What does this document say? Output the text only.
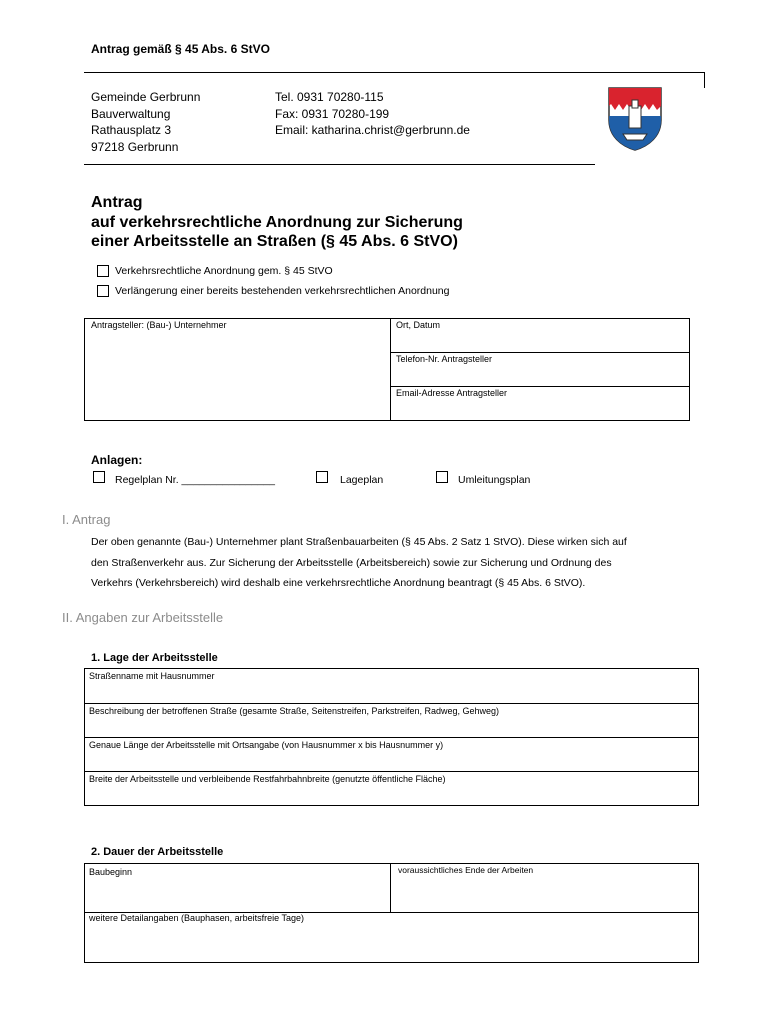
Antrag gemäß § 45 Abs. 6 StVO
Gemeinde Gerbrunn
Bauverwaltung
Rathausplatz 3
97218 Gerbrunn
Tel. 0931 70280-115
Fax: 0931 70280-199
Email: katharina.christ@gerbrunn.de
Antrag
auf verkehrsrechtliche Anordnung zur Sicherung
einer Arbeitsstelle an Straßen (§ 45 Abs. 6 StVO)
Verkehrsrechtliche Anordnung gem. § 45 StVO
Verlängerung einer bereits bestehenden verkehrsrechtlichen Anordnung
Antragsteller: (Bau-) Unternehmer	Ort, Datum
Telefon-Nr. Antragsteller
Email-Adresse Antragsteller
Anlagen:
Regelplan Nr. ________________	Lageplan	Umleitungsplan
I. Antrag
Der oben genannte (Bau-) Unternehmer plant Straßenbauarbeiten (§ 45 Abs. 2 Satz 1 StVO). Diese wirken sich auf
den Straßenverkehr aus. Zur Sicherung der Arbeitsstelle (Arbeitsbereich) sowie zur Sicherung und Ordnung des
Verkehrs (Verkehrsbereich) wird deshalb eine verkehrsrechtliche Anordnung beantragt (§ 45 Abs. 6 StVO).
II. Angaben zur Arbeitsstelle
1. Lage der Arbeitsstelle
Straßenname mit Hausnummer
Beschreibung der betroffenen Straße (gesamte Straße, Seitenstreifen, Parkstreifen, Radweg, Gehweg)
Genaue Länge der Arbeitsstelle mit Ortsangabe (von Hausnummer x bis Hausnummer y)
Breite der Arbeitsstelle und verbleibende Restfahrbahnbreite (genutzte öffentliche Fläche)
2. Dauer der Arbeitsstelle
Baubeginn	voraussichtliches Ende der Arbeiten
weitere Detailangaben (Bauphasen, arbeitsfreie Tage)
